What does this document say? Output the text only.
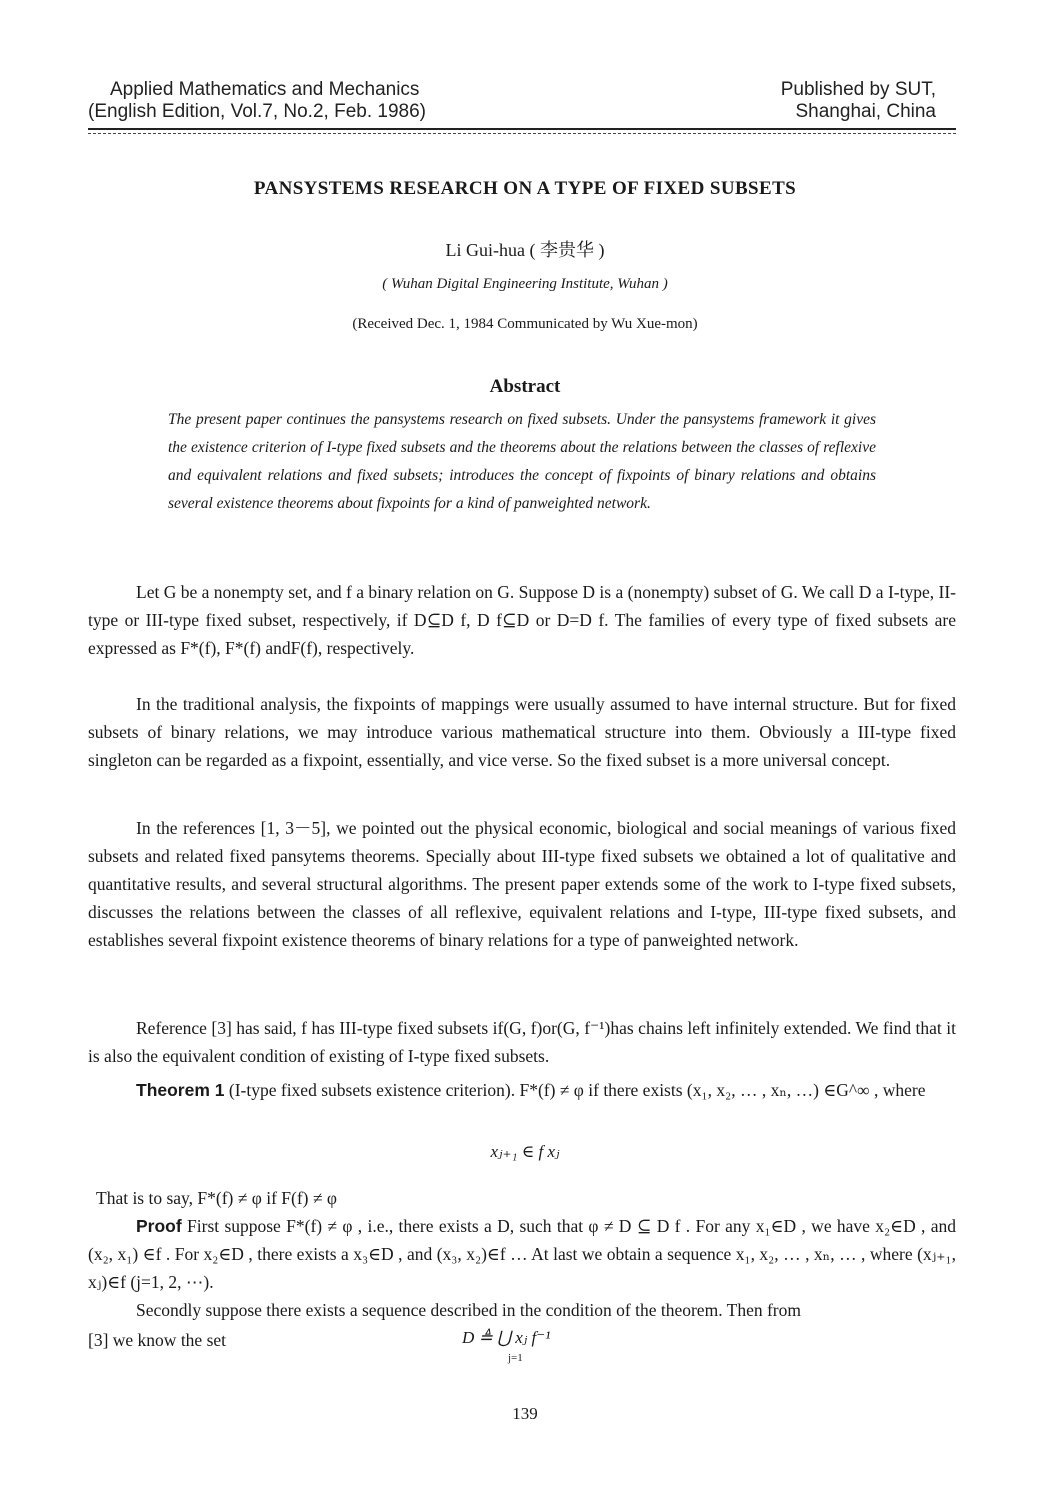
Applied Mathematics and Mechanics
(English Edition, Vol.7, No.2, Feb. 1986)
Published by SUT,
Shanghai, China
PANSYSTEMS RESEARCH ON A TYPE OF FIXED SUBSETS
Li Gui-hua ( 李贵华 )
( Wuhan Digital Engineering Institute, Wuhan )
(Received Dec. 1, 1984 Communicated by Wu Xue-mon)
Abstract
The present paper continues the pansystems research on fixed subsets. Under the pansystems framework it gives the existence criterion of I-type fixed subsets and the theorems about the relations between the classes of reflexive and equivalent relations and fixed subsets; introduces the concept of fixpoints of binary relations and obtains several existence theorems about fixpoints for a kind of panweighted network.
Let G be a nonempty set, and f a binary relation on G. Suppose D is a (nonempty) subset of G. We call D a I-type, II-type or III-type fixed subset, respectively, if D⊆D f, D f⊆D or D=D f. The families of every type of fixed subsets are expressed as F*(f), F*(f) andF(f), respectively.
In the traditional analysis, the fixpoints of mappings were usually assumed to have internal structure. But for fixed subsets of binary relations, we may introduce various mathematical structure into them. Obviously a III-type fixed singleton can be regarded as a fixpoint, essentially, and vice verse. So the fixed subset is a more universal concept.
In the references [1, 3－5], we pointed out the physical economic, biological and social meanings of various fixed subsets and related fixed pansytems theorems. Specially about III-type fixed subsets we obtained a lot of qualitative and quantitative results, and several structural algorithms. The present paper extends some of the work to I-type fixed subsets, discusses the relations between the classes of all reflexive, equivalent relations and I-type, III-type fixed subsets, and establishes several fixpoint existence theorems of binary relations for a type of panweighted network.
Reference [3] has said, f has III-type fixed subsets if(G, f)or(G, f⁻¹)has chains left infinitely extended. We find that it is also the equivalent condition of existing of I-type fixed subsets.
Theorem 1 (I-type fixed subsets existence criterion). F*(f) ≠ φ if there exists (x₁, x₂, … , xₙ, …) ∈G^∞ , where
xⱼ₊₁ ∈ f xⱼ
That is to say, F*(f) ≠ φ if F(f) ≠ φ
Proof First suppose F*(f) ≠ φ , i.e., there exists a D, such that φ ≠ D ⊆ D f . For any x₁∈D , we have x₂∈D , and (x₂, x₁) ∈f . For x₂∈D , there exists a x₃∈D , and (x₃, x₂)∈f … At last we obtain a sequence x₁, x₂, … , xₙ, … , where (xⱼ₊₁, xⱼ)∈f (j=1, 2, ⋯).
Secondly suppose there exists a sequence described in the condition of the theorem. Then from
[3] we know the set	D ≜ ⋃ xⱼ f⁻¹
j=1
139
